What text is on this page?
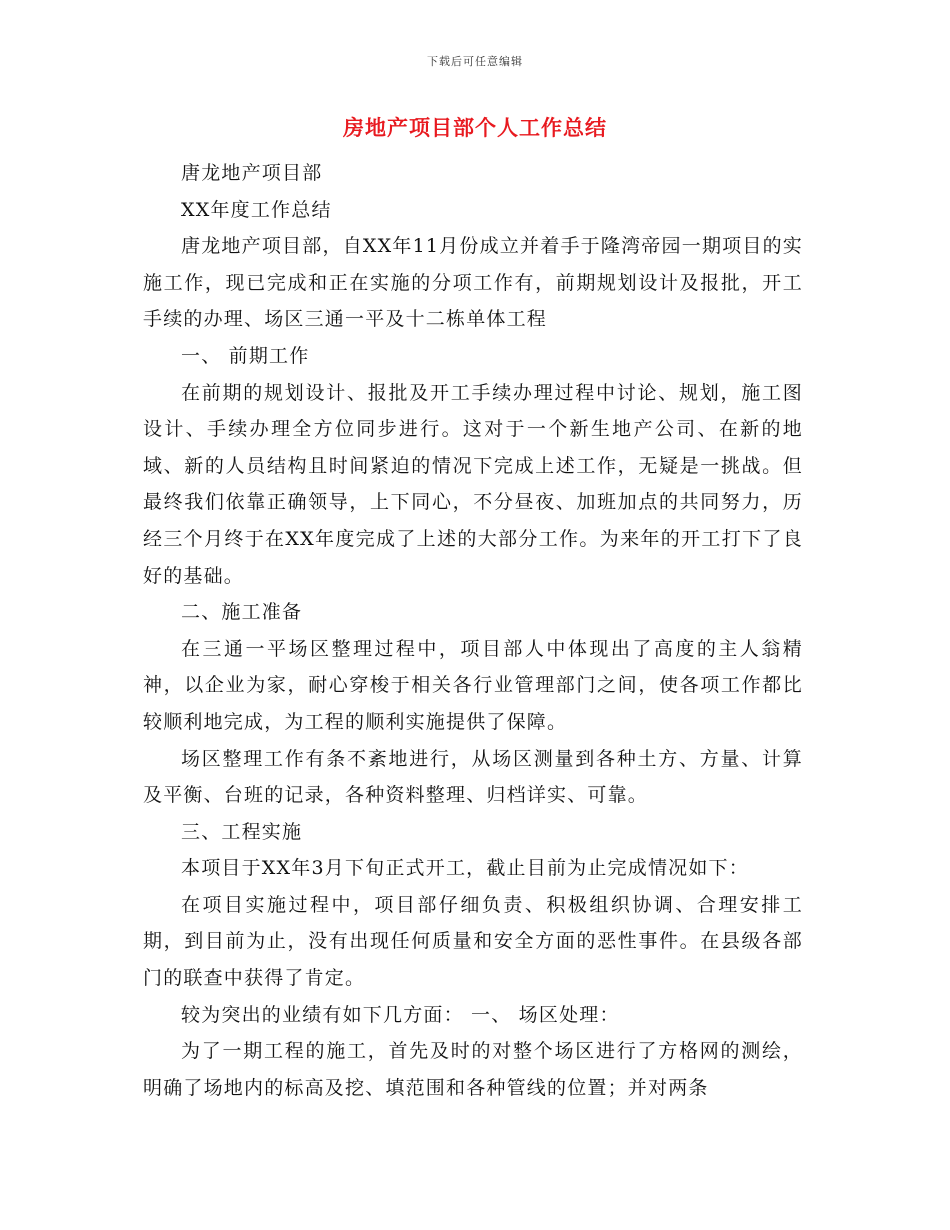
下载后可任意编辑
房地产项目部个人工作总结

唐龙地产项目部

XX年度工作总结

唐龙地产项目部，自XX年11月份成立并着手于隆湾帝园一期项目的实施工作，现已完成和正在实施的分项工作有，前期规划设计及报批，开工手续的办理、场区三通一平及十二栋单体工程

一、 前期工作

在前期的规划设计、报批及开工手续办理过程中讨论、规划，施工图设计、手续办理全方位同步进行。这对于一个新生地产公司、在新的地域、新的人员结构且时间紧迫的情况下完成上述工作，无疑是一挑战。但最终我们依靠正确领导，上下同心，不分昼夜、加班加点的共同努力，历经三个月终于在XX年度完成了上述的大部分工作。为来年的开工打下了良好的基础。

二、施工准备

在三通一平场区整理过程中，项目部人中体现出了高度的主人翁精神，以企业为家，耐心穿梭于相关各行业管理部门之间，使各项工作都比较顺利地完成，为工程的顺利实施提供了保障。

场区整理工作有条不紊地进行，从场区测量到各种土方、方量、计算及平衡、台班的记录，各种资料整理、归档详实、可靠。

三、工程实施

本项目于XX年3月下旬正式开工，截止目前为止完成情况如下：

在项目实施过程中，项目部仔细负责、积极组织协调、合理安排工期，到目前为止，没有出现任何质量和安全方面的恶性事件。在县级各部门的联查中获得了肯定。

较为突出的业绩有如下几方面： 一、 场区处理：

为了一期工程的施工，首先及时的对整个场区进行了方格网的测绘，明确了场地内的标高及挖、填范围和各种管线的位置；并对两条
